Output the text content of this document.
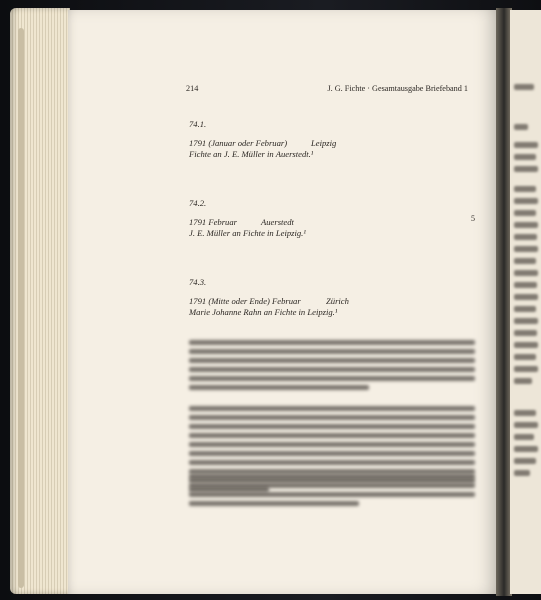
214	J. G. Fichte · Gesamtausgabe Briefeband 1
74.1.
1791 (Januar oder Februar)	Leipzig
Fichte an J. E. Müller in Auerstedt.¹
74.2.
1791 Februar	Auerstedt
J. E. Müller an Fichte in Leipzig.¹
5
74.3.
1791 (Mitte oder Ende) Februar	Zürich
Marie Johanne Rahn an Fichte in Leipzig.¹
